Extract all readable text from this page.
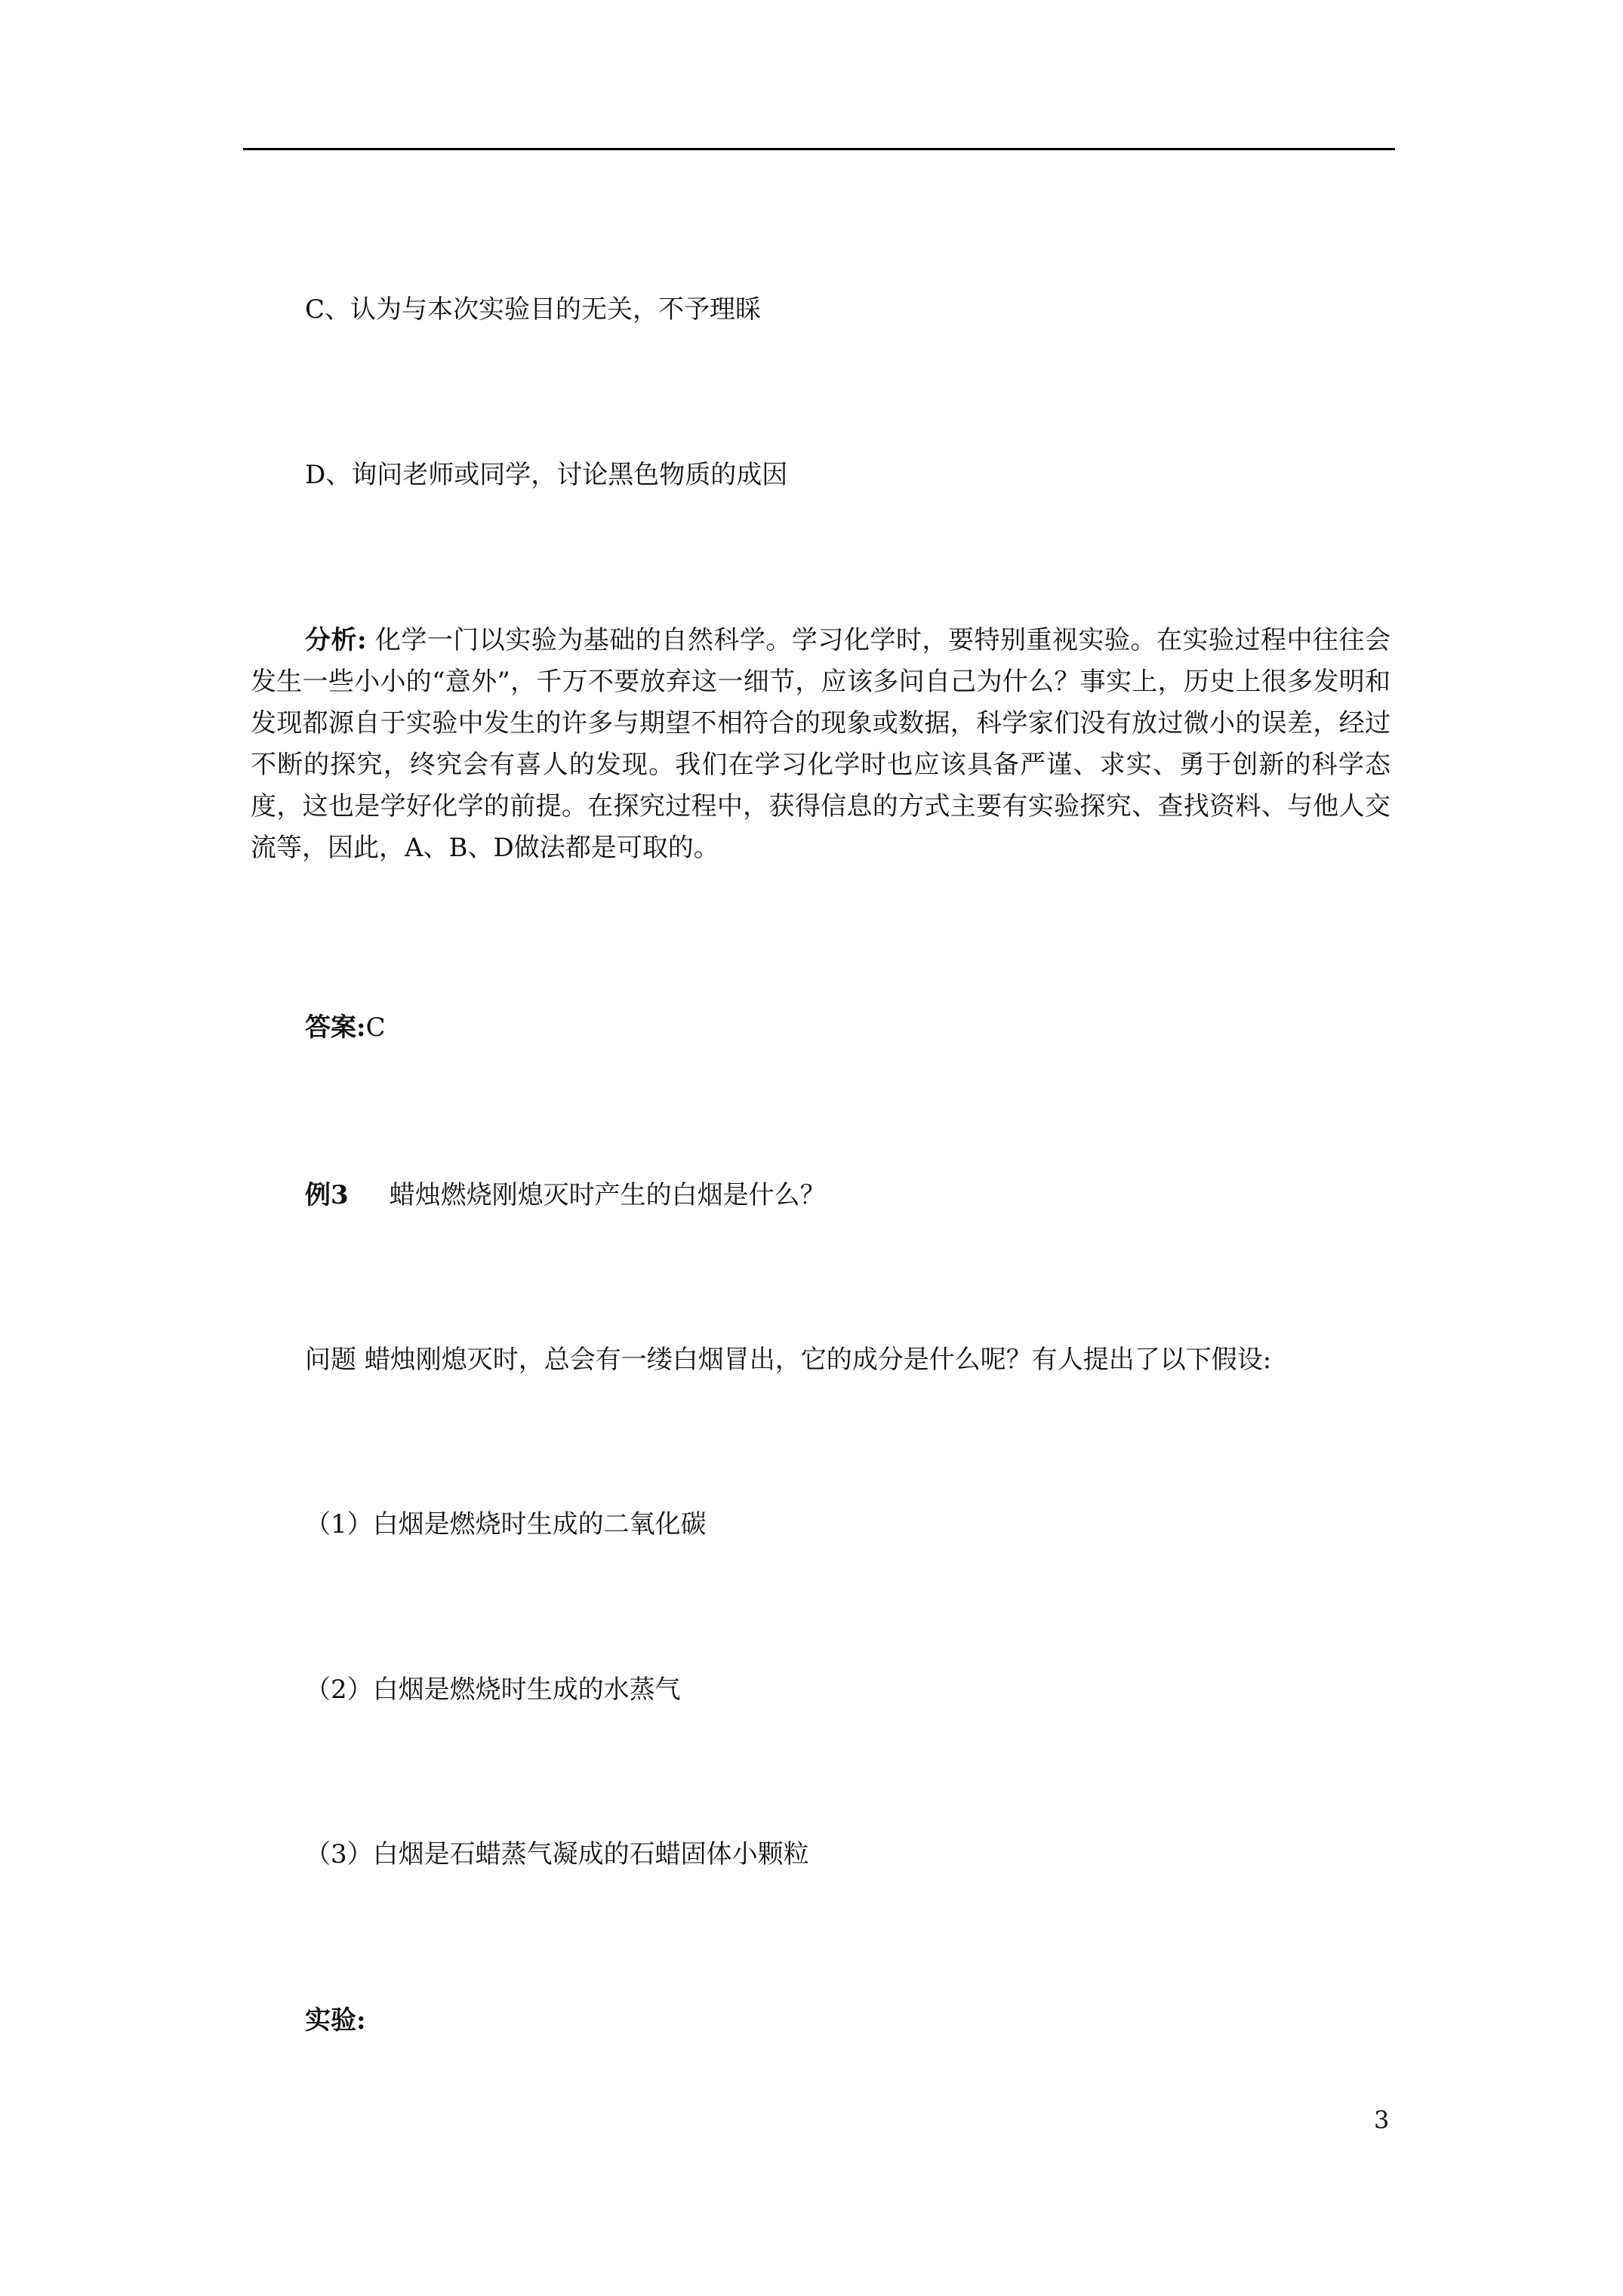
C、认为与本次实验目的无关，不予理睬
D、询问老师或同学，讨论黑色物质的成因

分析: 化学一门以实验为基础的自然科学。学习化学时，要特别重视实验。在实验过程中往往会发生一些小小的“意外”，千万不要放弃这一细节，应该多问自己为什么？事实上，历史上很多发明和发现都源自于实验中发生的许多与期望不相符合的现象或数据，科学家们没有放过微小的误差，经过不断的探究，终究会有喜人的发现。我们在学习化学时也应该具备严谨、求实、勇于创新的科学态度，这也是学好化学的前提。在探究过程中，获得信息的方式主要有实验探究、查找资料、与他人交流等，因此，A、B、D做法都是可取的。

答案:C
例3 蜡烛燃烧刚熄灭时产生的白烟是什么？
问题 蜡烛刚熄灭时，总会有一缕白烟冒出，它的成分是什么呢？有人提出了以下假设:
（1）白烟是燃烧时生成的二氧化碳
（2）白烟是燃烧时生成的水蒸气
（3）白烟是石蜡蒸气凝成的石蜡固体小颗粒
实验:
3
